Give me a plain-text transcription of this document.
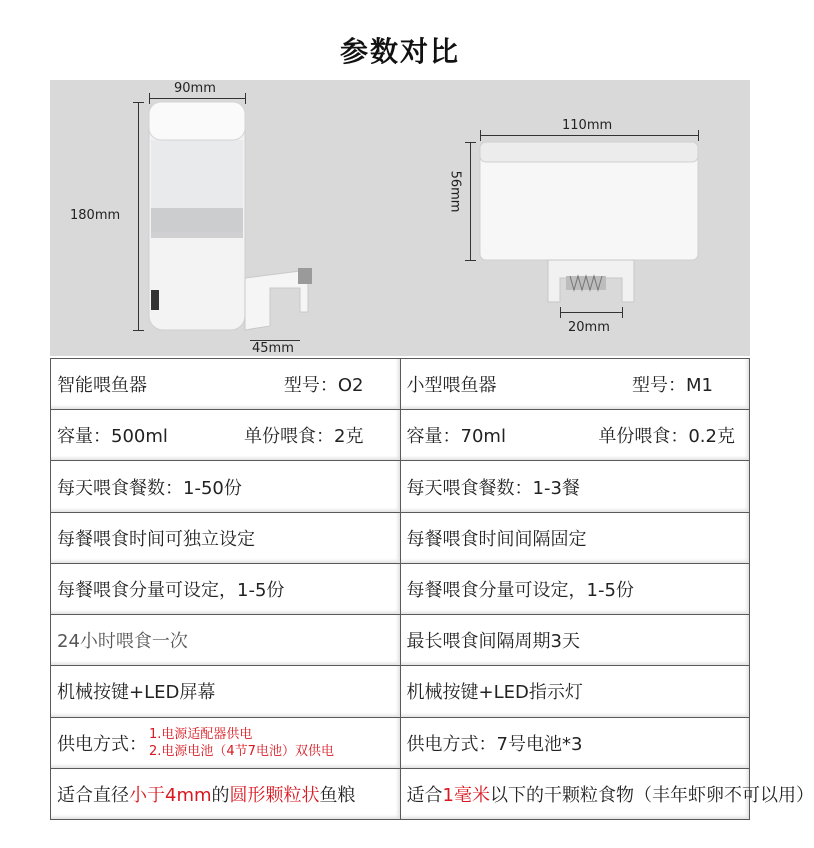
参数对比
90mm
180mm
45mm
110mm
56mm
20mm
智能喂鱼器 型号：O2	小型喂鱼器 型号：M1

容量：500ml 单份喂食：2克	容量：70ml 单份喂食：0.2克

每天喂食餐数：1-50份	每天喂食餐数：1-3餐
每餐喂食时间可独立设定	每餐喂食时间间隔固定
每餐喂食分量可设定，1-5份	每餐喂食分量可设定，1-5份
24小时喂食一次	最长喂食间隔周期3天
机械按键+LED屏幕	机械按键+LED指示灯

供电方式： 1.电源适配器供电
2.电源电池（4节7电池）双供电	供电方式：7号电池*3
适合直径小于4mm的圆形颗粒状鱼粮	适合1毫米以下的干颗粒食物（丰年虾卵不可以用）
